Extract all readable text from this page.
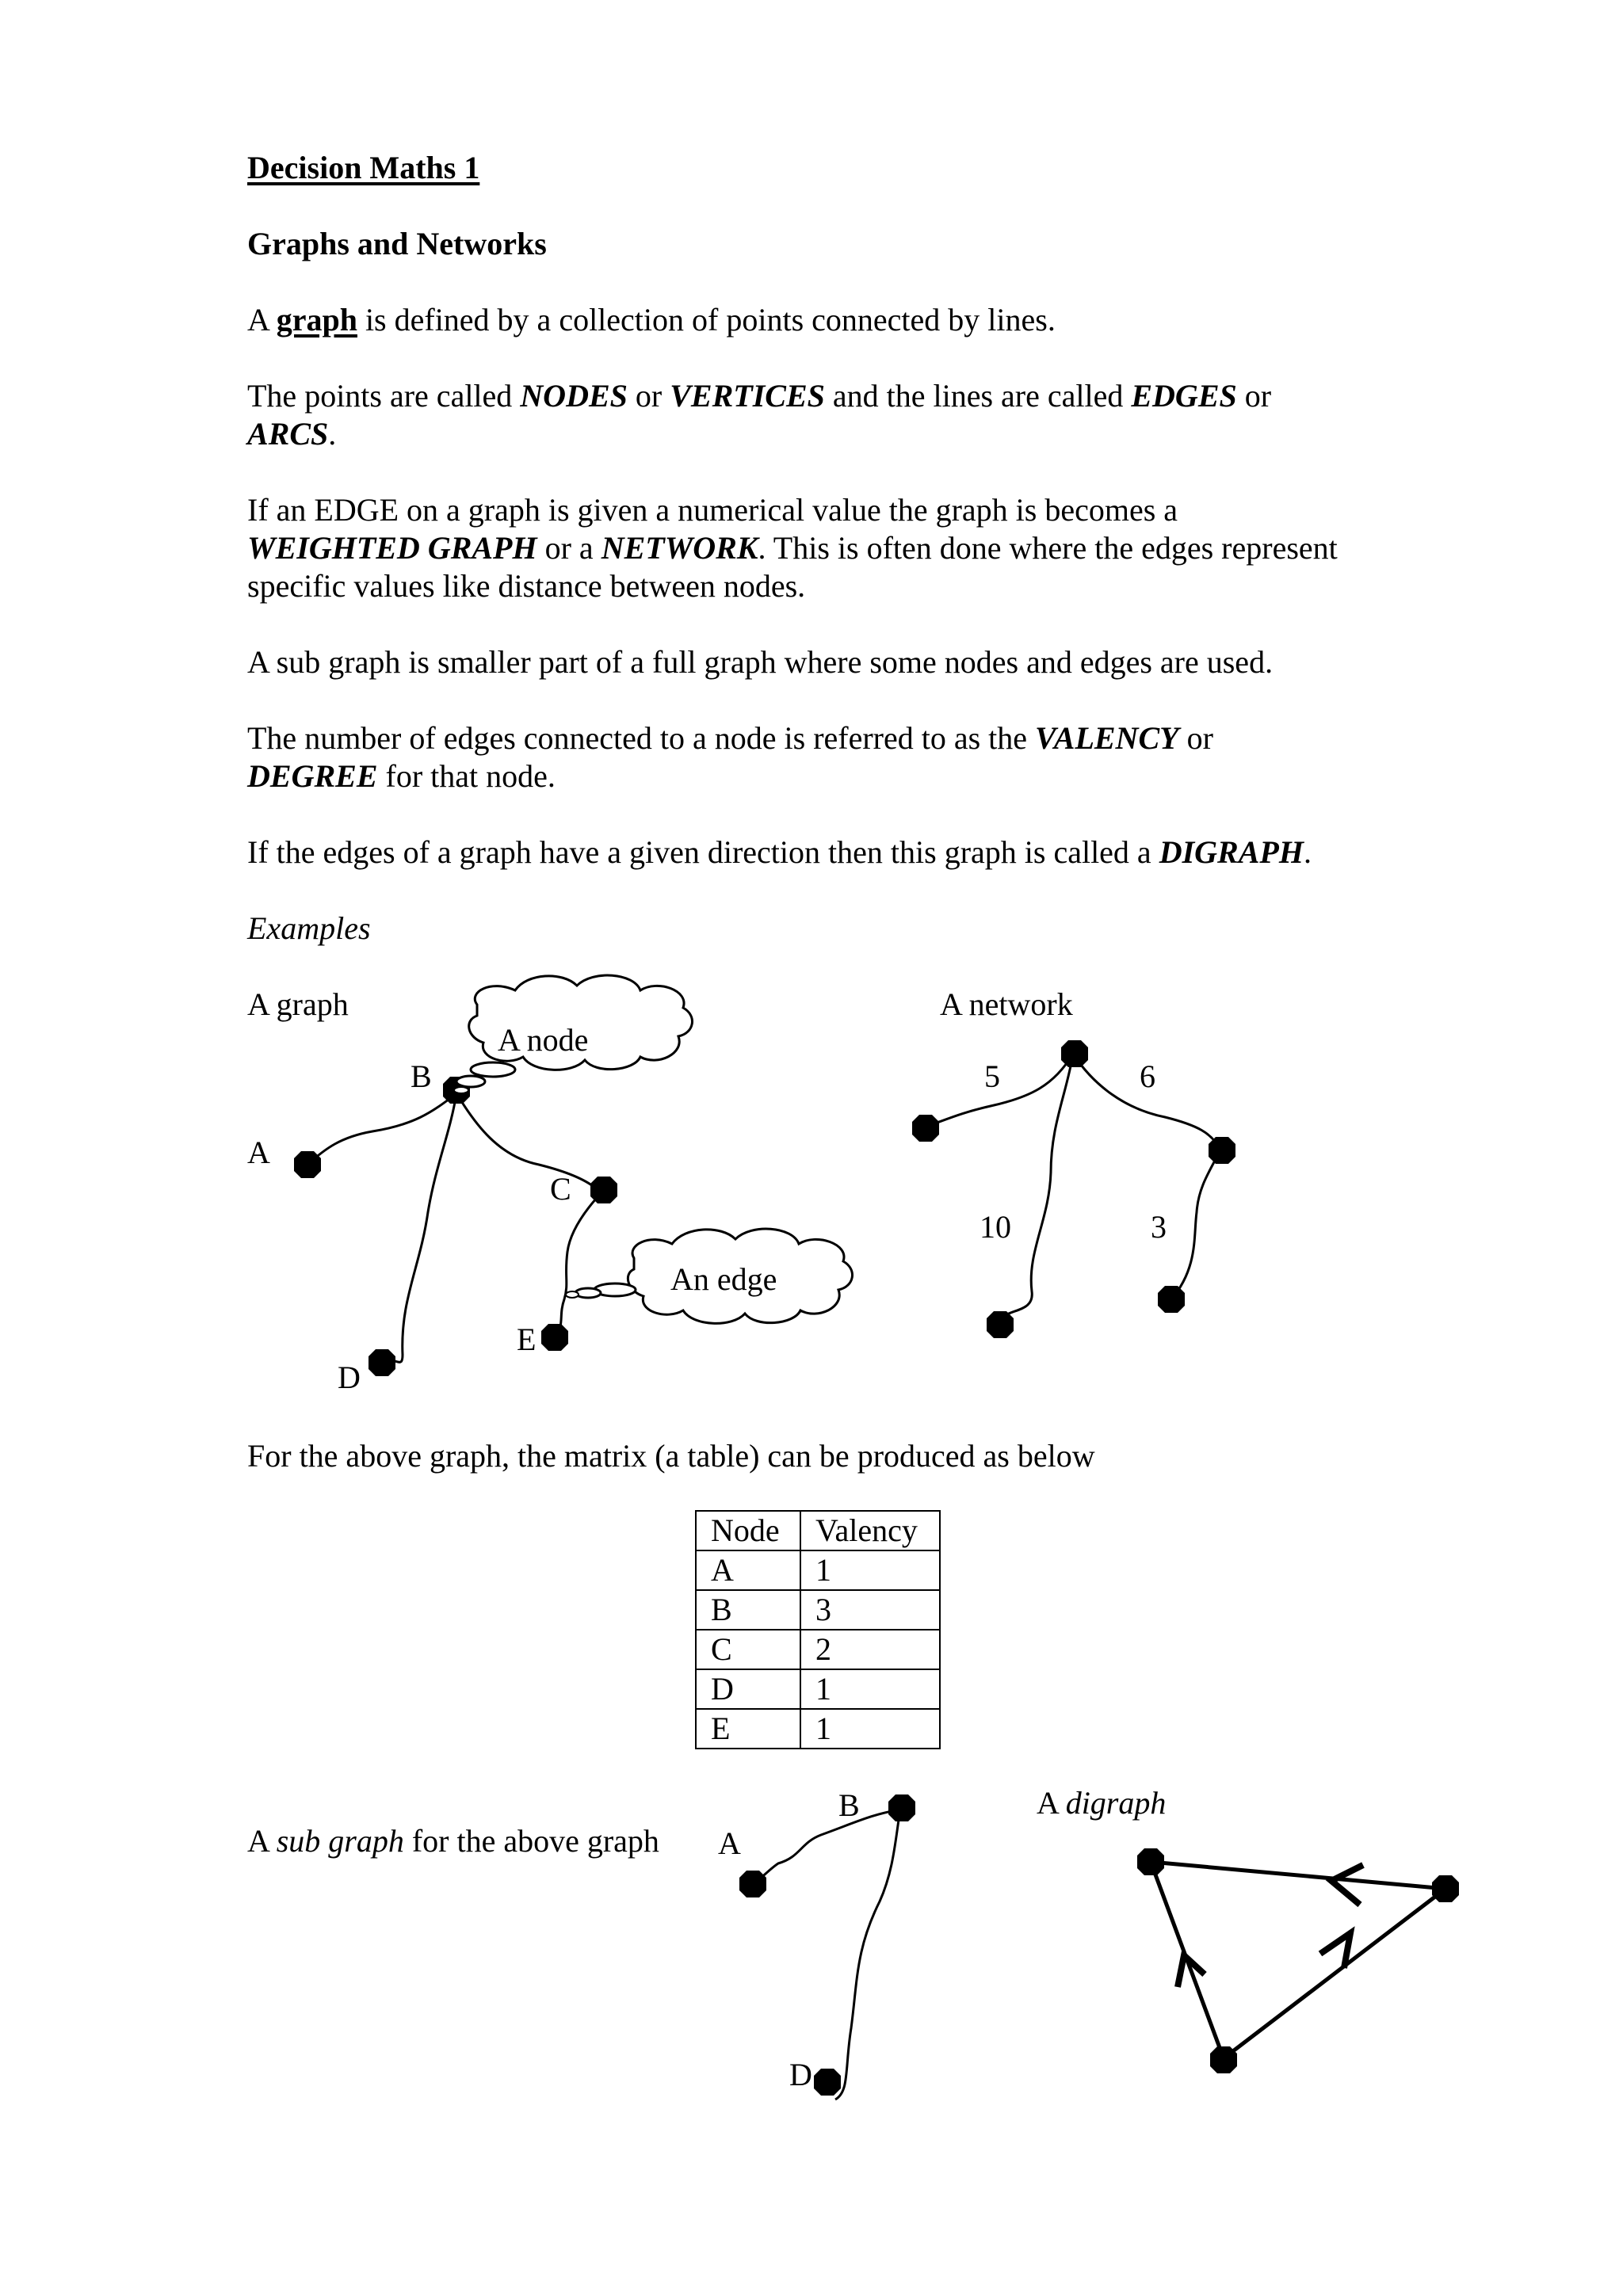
Decision Maths 1
Graphs and Networks
A graph is defined by a collection of points connected by lines.
The points are called NODES or VERTICES and the lines are called EDGES or
ARCS.
If an EDGE on a graph is given a numerical value the graph is becomes a
WEIGHTED GRAPH or a NETWORK. This is often done where the edges represent
specific values like distance between nodes.
A sub graph is smaller part of a full graph where some nodes and edges are used.
The number of edges connected to a node is referred to as the VALENCY or
DEGREE for that node.
If the edges of a graph have a given direction then this graph is called a DIGRAPH.
Examples
A graph	A network
B
A
C
D
E
A node
An edge
5	6
10	3
B
A
D
For the above graph, the matrix (a table) can be produced as below
Node	Valency
A	1
B	3
C	2
D	1
E	1
A sub graph for the above graph
A digraph
